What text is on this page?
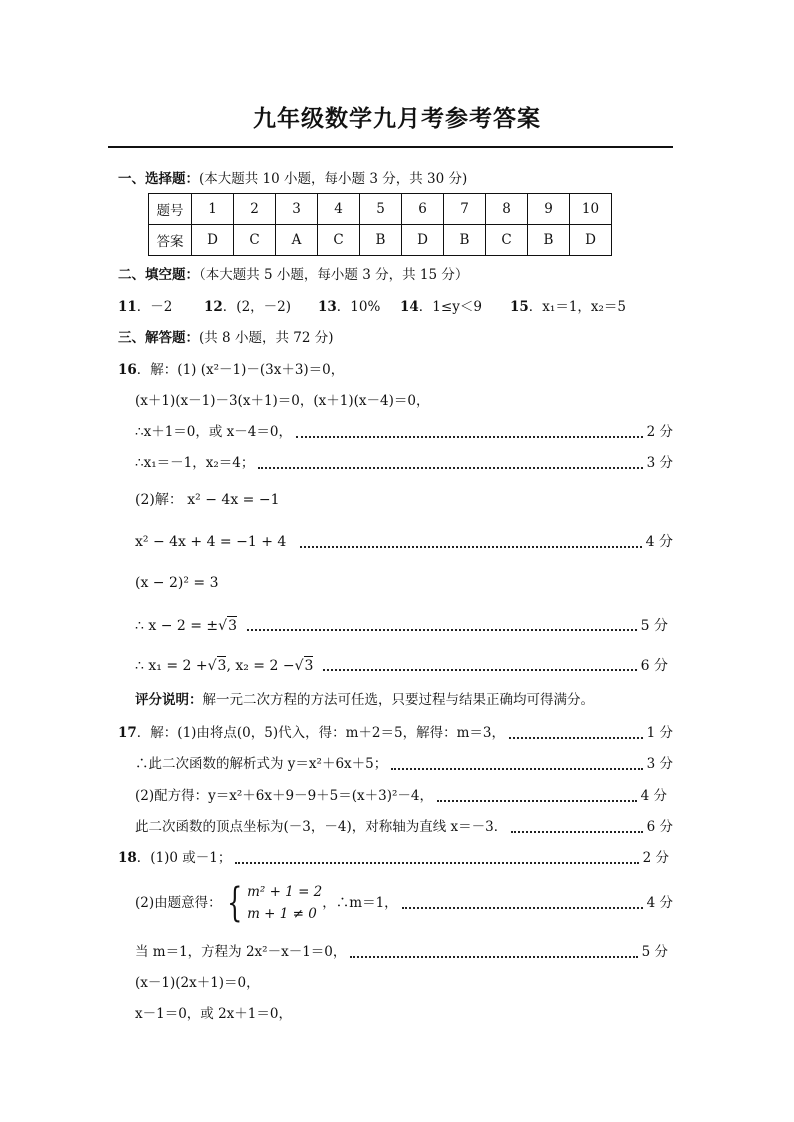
九年级数学九月考参考答案
一、选择题：(本大题共 10 小题，每小题 3 分，共 30 分)
题号	1	2	3	4	5	6	7	8	9	10
答案	D	C	A	C	B	D	B	C	B	D
二、填空题：（本大题共 5 小题，每小题 3 分，共 15 分）
11．－2 12．(2，－2) 13．10% 14．1≤y＜9 15．x₁＝1，x₂＝5
三、解答题：(共 8 小题，共 72 分)
16．解：(1) (x²－1)－(3x＋3)＝0，
(x＋1)(x－1)－3(x＋1)＝0，(x＋1)(x－4)＝0，
∴x＋1＝0，或 x－4＝0，	2 分
∴x₁＝－1，x₂＝4；	3 分
(2)解： x² − 4x = −1
x² − 4x + 4 = −1 + 4	4 分
(x − 2)² = 3
∴ x − 2 = ± √ 3	5 分
∴ x₁ = 2 + √ 3 , x₂ = 2 − √ 3	6 分
评分说明：解一元二次方程的方法可任选，只要过程与结果正确均可得满分。
17 ． 解：(1)由将点(0，5)代入，得：m＋2＝5，解得：m＝3，	1 分
∴此二次函数的解析式为 y＝x²＋6x＋5；	3 分
(2)配方得：y＝x²＋6x＋9－9＋5＝(x＋3)²－4，	4 分
此二次函数的顶点坐标为(－3，－4)，对称轴为直线 x＝－3．	6 分
18 ． (1)0 或－1；	2 分
(2)由题意得： { m² + 1 = 2
m + 1 ≠ 0
，∴m＝1，	4 分
当 m＝1，方程为 2x²－x－1＝0，	5 分
(x－1)(2x＋1)＝0，
x－1＝0，或 2x＋1＝0，
